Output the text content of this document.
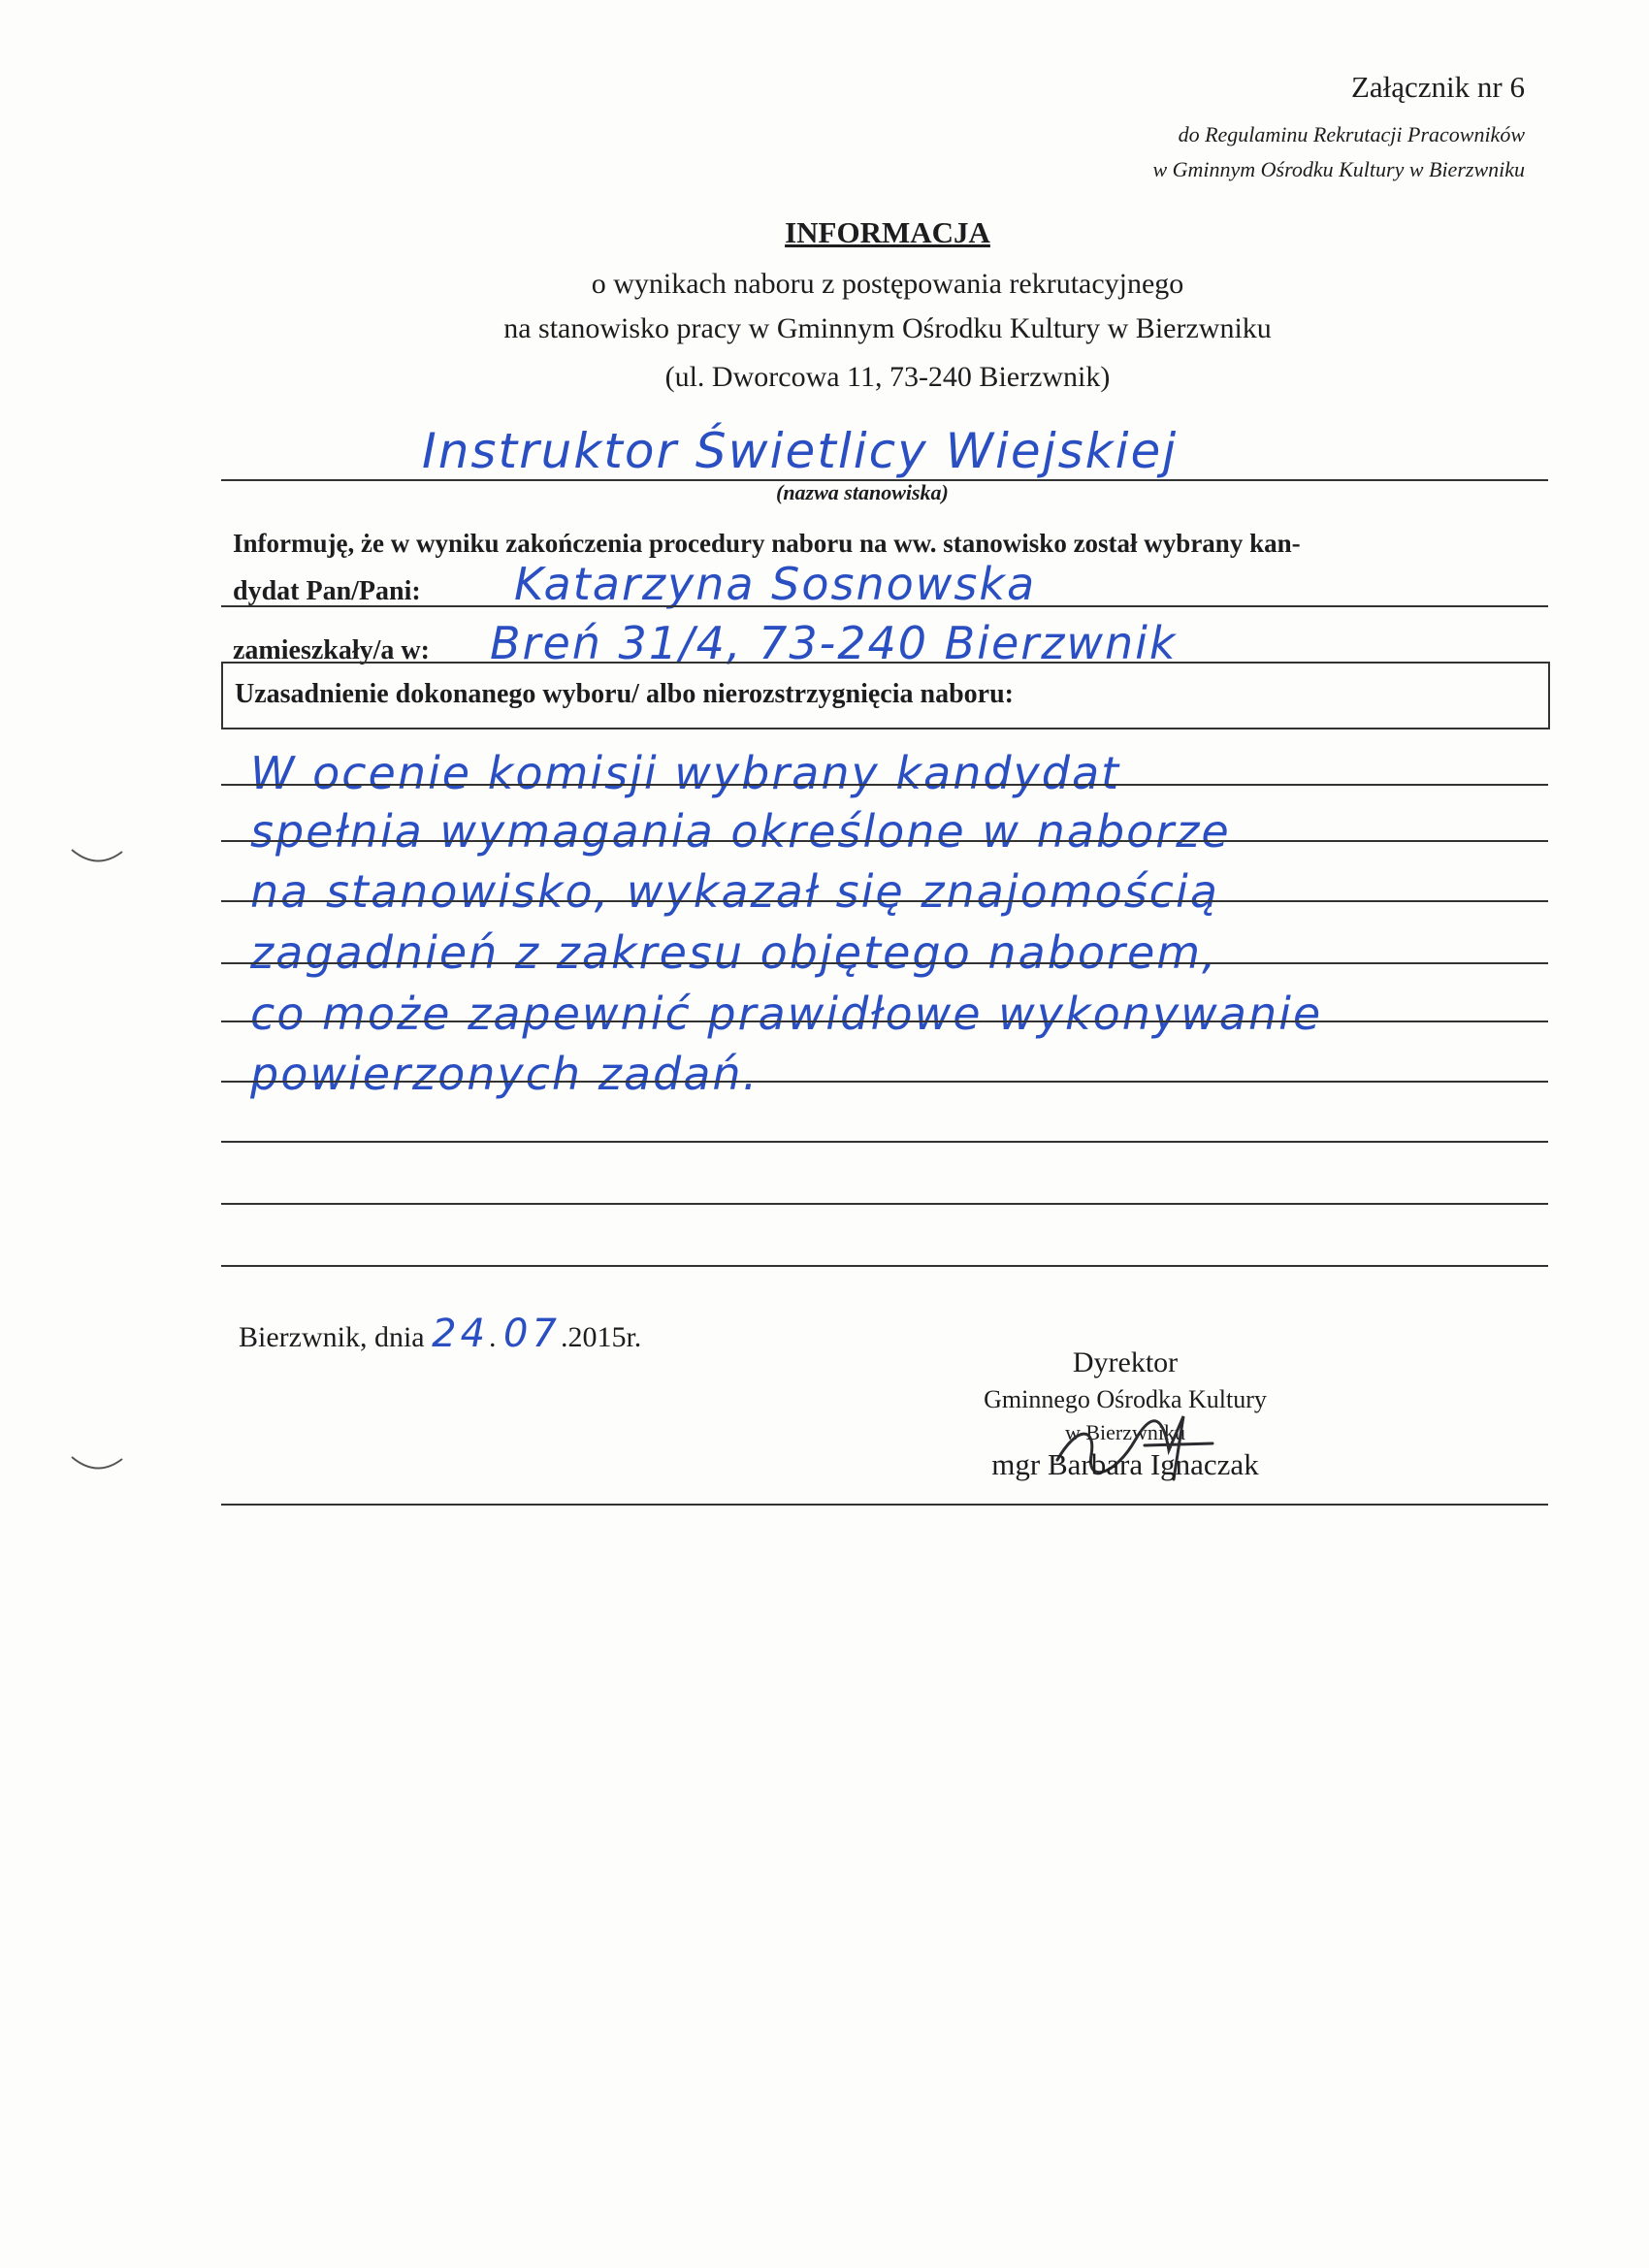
Załącznik nr 6
do Regulaminu Rekrutacji Pracowników
w Gminnym Ośrodku Kultury w Bierzwniku
INFORMACJA
o wynikach naboru z postępowania rekrutacyjnego
na stanowisko pracy w Gminnym Ośrodku Kultury w Bierzwniku
(ul. Dworcowa 11, 73-240 Bierzwnik)
Instruktor Świetlicy Wiejskiej
(nazwa stanowiska)
Informuję, że w wyniku zakończenia procedury naboru na ww. stanowisko został wybrany kan-
dydat Pan/Pani: Katarzyna Sosnowska
zamieszkały/a w: Breń 31/4, 73-240 Bierzwnik
Uzasadnienie dokonanego wyboru/ albo nierozstrzygnięcia naboru:
W ocenie komisji wybrany kandydat
spełnia wymagania określone w naborze
na stanowisko, wykazał się znajomością
zagadnień z zakresu objętego naborem,
co może zapewnić prawidłowe wykonywanie
powierzonych zadań.
Bierzwnik, dnia 24. 07.2015r.
Dyrektor
Gminnego Ośrodka Kultury
w Bierzwniku
mgr Barbara Ignaczak
